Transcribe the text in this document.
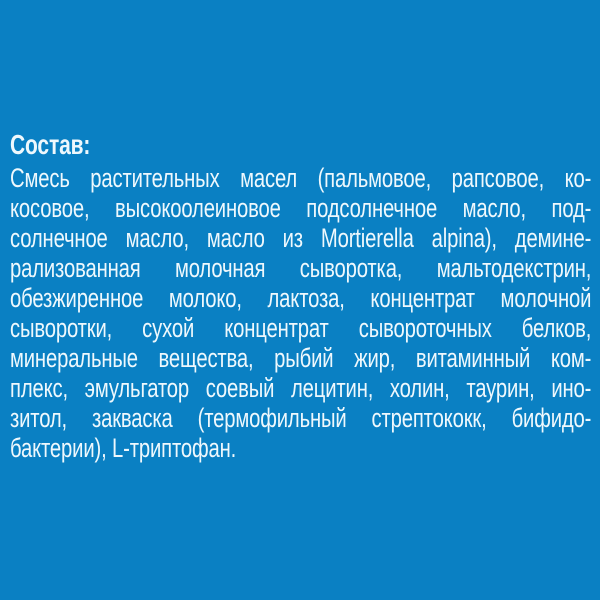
Состав:
Смесь растительных масел (пальмовое, рапсовое, ко-
косовое, высокоолеиновое подсолнечное масло, под-
солнечное масло, масло из Mortierella alpina), демине-
рализованная молочная сыворотка, мальтодекстрин,
обезжиренное молоко, лактоза, концентрат молочной
сыворотки, сухой концентрат сывороточных белков,
минеральные вещества, рыбий жир, витаминный ком-
плекс, эмульгатор соевый лецитин, холин, таурин, ино-
зитол, закваска (термофильный стрептококк, бифидо-
бактерии), L-триптофан.
